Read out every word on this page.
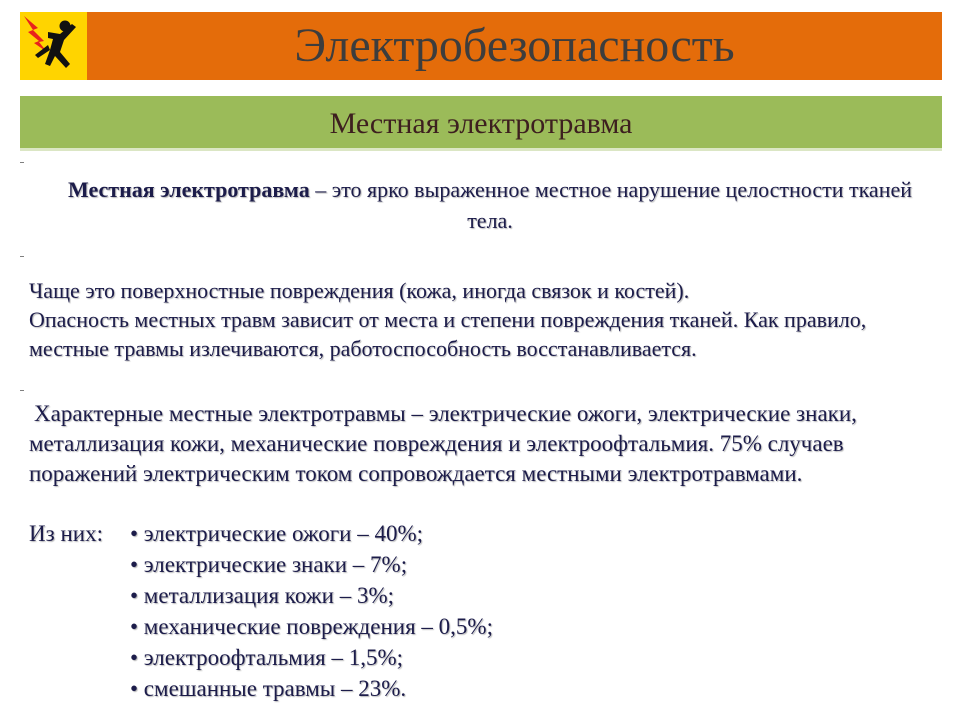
Электробезопасность
Местная электротравма
Местная электротравма – это ярко выраженное местное нарушение целостности тканей тела.
Чаще это поверхностные повреждения (кожа, иногда связок и костей).
Опасность местных травм зависит от места и степени повреждения тканей. Как правило, местные травмы излечиваются, работоспособность восстанавливается.
Характерные местные электротравмы – электрические ожоги, электрические знаки, металлизация кожи, механические повреждения и электроофтальмия. 75% случаев поражений электрическим током сопровождается местными электротравмами.
Из них: • электрические ожоги – 40%;
• электрические знаки – 7%;
• металлизация кожи – 3%;
• механические повреждения – 0,5%;
• электроофтальмия – 1,5%;
• смешанные травмы – 23%.
